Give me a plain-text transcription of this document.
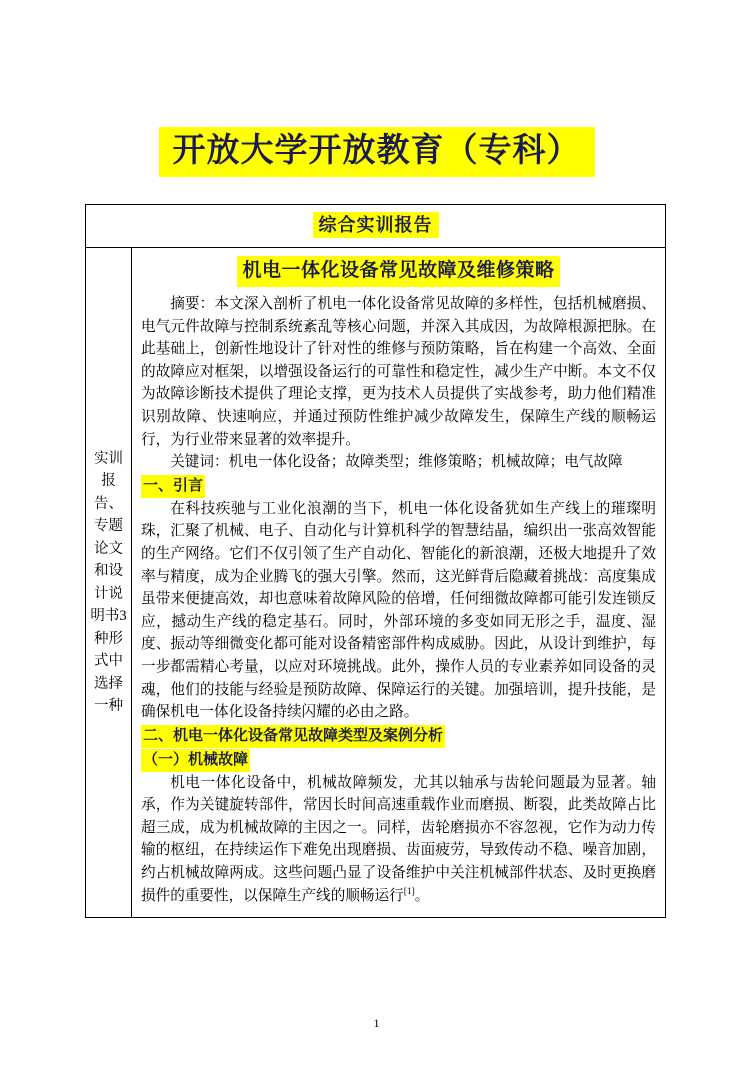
开放大学开放教育（专科）
综合实训报告

实训报告、专题论文和设计说明书3种形式中选择一种

机电一体化设备常见故障及维修策略

摘要：本文深入剖析了机电一体化设备常见故障的多样性，包括机械磨损、电气元件故障与控制系统紊乱等核心问题，并深入其成因，为故障根源把脉。在此基础上，创新性地设计了针对性的维修与预防策略，旨在构建一个高效、全面的故障应对框架，以增强设备运行的可靠性和稳定性，减少生产中断。本文不仅为故障诊断技术提供了理论支撑，更为技术人员提供了实战参考，助力他们精准识别故障、快速响应，并通过预防性维护减少故障发生，保障生产线的顺畅运行，为行业带来显著的效率提升。

关键词：机电一体化设备；故障类型；维修策略；机械故障；电气故障

一、引言

在科技疾驰与工业化浪潮的当下，机电一体化设备犹如生产线上的璀璨明珠，汇聚了机械、电子、自动化与计算机科学的智慧结晶，编织出一张高效智能的生产网络。它们不仅引领了生产自动化、智能化的新浪潮，还极大地提升了效率与精度，成为企业腾飞的强大引擎。然而，这光鲜背后隐藏着挑战：高度集成虽带来便捷高效，却也意味着故障风险的倍增，任何细微故障都可能引发连锁反应，撼动生产线的稳定基石。同时，外部环境的多变如同无形之手，温度、湿度、振动等细微变化都可能对设备精密部件构成威胁。因此，从设计到维护，每一步都需精心考量，以应对环境挑战。此外，操作人员的专业素养如同设备的灵魂，他们的技能与经验是预防故障、保障运行的关键。加强培训，提升技能，是确保机电一体化设备持续闪耀的必由之路。

二、机电一体化设备常见故障类型及案例分析
（一）机械故障

机电一体化设备中，机械故障频发，尤其以轴承与齿轮问题最为显著。轴承，作为关键旋转部件，常因长时间高速重载作业而磨损、断裂，此类故障占比超三成，成为机械故障的主因之一。同样，齿轮磨损亦不容忽视，它作为动力传输的枢纽，在持续运作下难免出现磨损、齿面疲劳，导致传动不稳、噪音加剧，约占机械故障两成。这些问题凸显了设备维护中关注机械部件状态、及时更换磨损件的重要性，以保障生产线的顺畅运行[1]。

1
